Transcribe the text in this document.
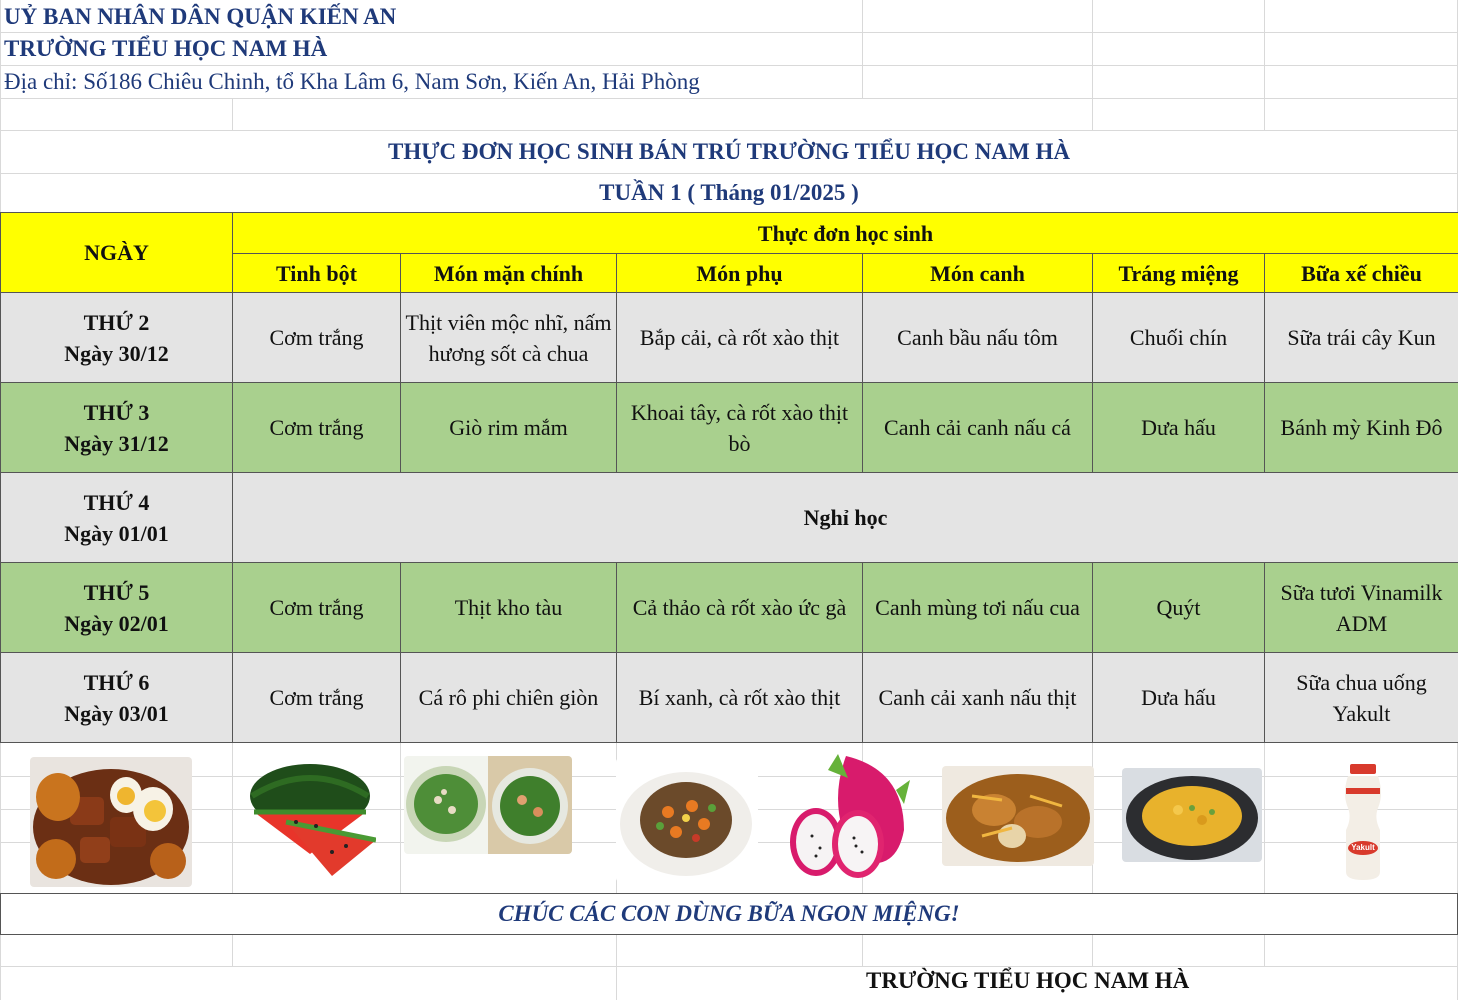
UỶ BAN NHÂN DÂN QUẬN KIẾN AN
TRƯỜNG TIỂU HỌC NAM HÀ
Địa chỉ: Số186 Chiêu Chinh, tổ Kha Lâm 6, Nam Sơn, Kiến An, Hải Phòng
THỰC ĐƠN HỌC SINH BÁN TRÚ TRƯỜNG TIỂU HỌC NAM HÀ
TUẦN 1 ( Tháng 01/2025 )
NGÀY	Thực đơn học sinh					
	Tinh bột	Món mặn chính	Món phụ	Món canh	Tráng miệng	Bữa xế chiều

THỨ 2
Ngày 30/12	Cơm trắng	Thịt viên mộc nhĩ, nấm hương sốt cà chua	Bắp cải, cà rốt xào thịt	Canh bầu nấu tôm	Chuối chín	Sữa trái cây Kun

THỨ 3
Ngày 31/12	Cơm trắng	Giò rim mắm	Khoai tây, cà rốt xào thịt bò	Canh cải canh nấu cá	Dưa hấu	Bánh mỳ Kinh Đô

THỨ 4
Ngày 01/01	Nghỉ học					

THỨ 5
Ngày 02/01	Cơm trắng	Thịt kho tàu	Cả thảo cà rốt xào ức gà	Canh mùng tơi nấu cua	Quýt	Sữa tươi Vinamilk ADM

THỨ 6
Ngày 03/01	Cơm trắng	Cá rô phi chiên giòn	Bí xanh, cà rốt xào thịt	Canh cải xanh nấu thịt	Dưa hấu	Sữa chua uống Yakult
Yakult
CHÚC CÁC CON DÙNG BỮA NGON MIỆNG!
TRƯỜNG TIỂU HỌC NAM HÀ
